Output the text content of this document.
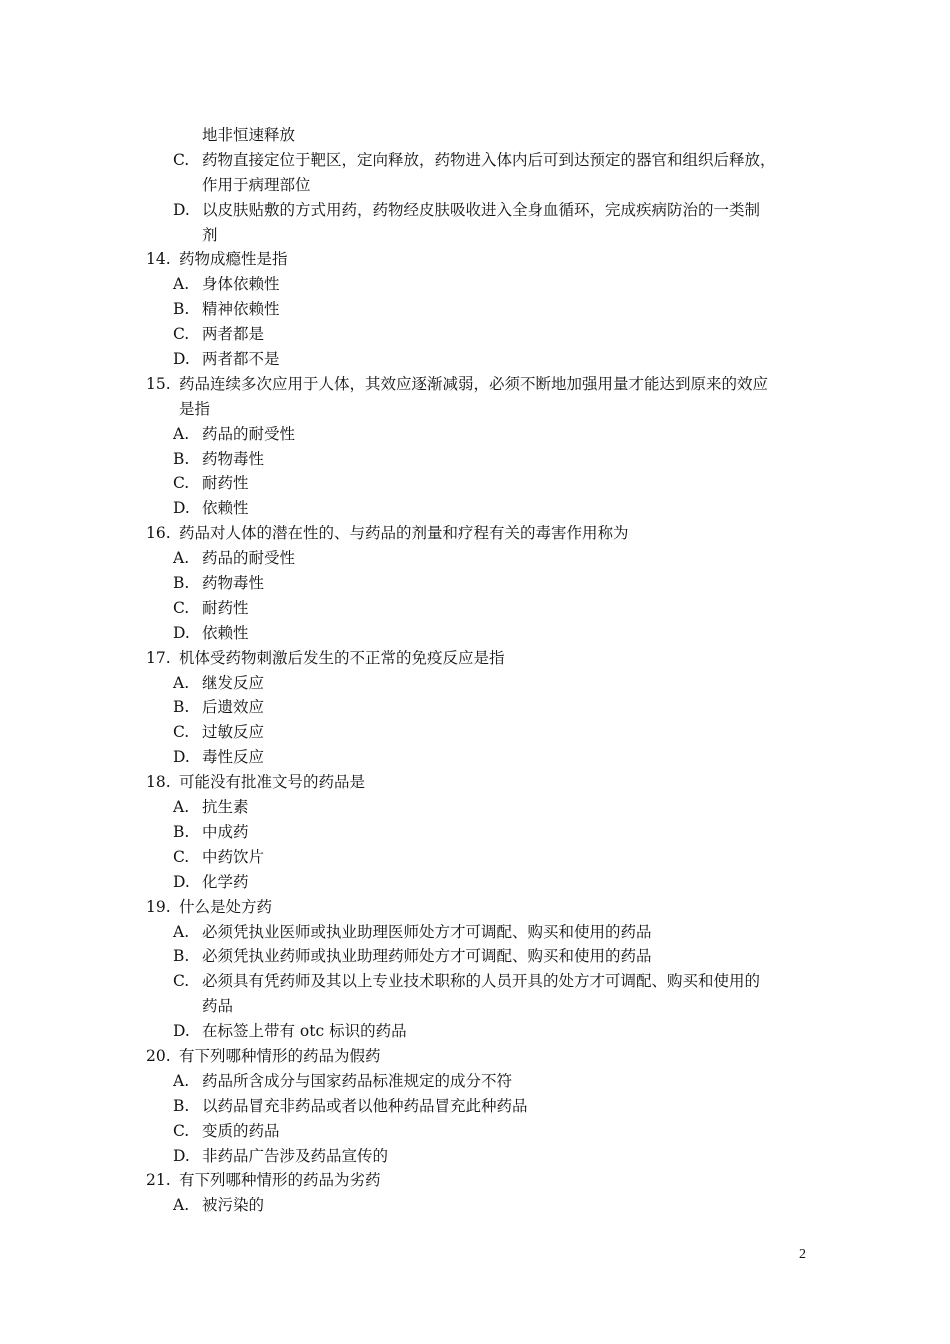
地非恒速释放
C. 药物直接定位于靶区，定向释放，药物进入体内后可到达预定的器官和组织后释放，
作用于病理部位
D. 以皮肤贴敷的方式用药，药物经皮肤吸收进入全身血循环，完成疾病防治的一类制
剂
14. 药物成瘾性是指
A. 身体依赖性
B. 精神依赖性
C. 两者都是
D. 两者都不是
15. 药品连续多次应用于人体，其效应逐渐减弱，必须不断地加强用量才能达到原来的效应
是指
A. 药品的耐受性
B. 药物毒性
C. 耐药性
D. 依赖性
16. 药品对人体的潜在性的、与药品的剂量和疗程有关的毒害作用称为
A. 药品的耐受性
B. 药物毒性
C. 耐药性
D. 依赖性
17. 机体受药物刺激后发生的不正常的免疫反应是指
A. 继发反应
B. 后遗效应
C. 过敏反应
D. 毒性反应
18. 可能没有批准文号的药品是
A. 抗生素
B. 中成药
C. 中药饮片
D. 化学药
19. 什么是处方药
A. 必须凭执业医师或执业助理医师处方才可调配、购买和使用的药品
B. 必须凭执业药师或执业助理药师处方才可调配、购买和使用的药品
C. 必须具有凭药师及其以上专业技术职称的人员开具的处方才可调配、购买和使用的
药品
D. 在标签上带有 otc 标识的药品
20. 有下列哪种情形的药品为假药
A. 药品所含成分与国家药品标准规定的成分不符
B. 以药品冒充非药品或者以他种药品冒充此种药品
C. 变质的药品
D. 非药品广告涉及药品宣传的
21. 有下列哪种情形的药品为劣药
A. 被污染的
2
